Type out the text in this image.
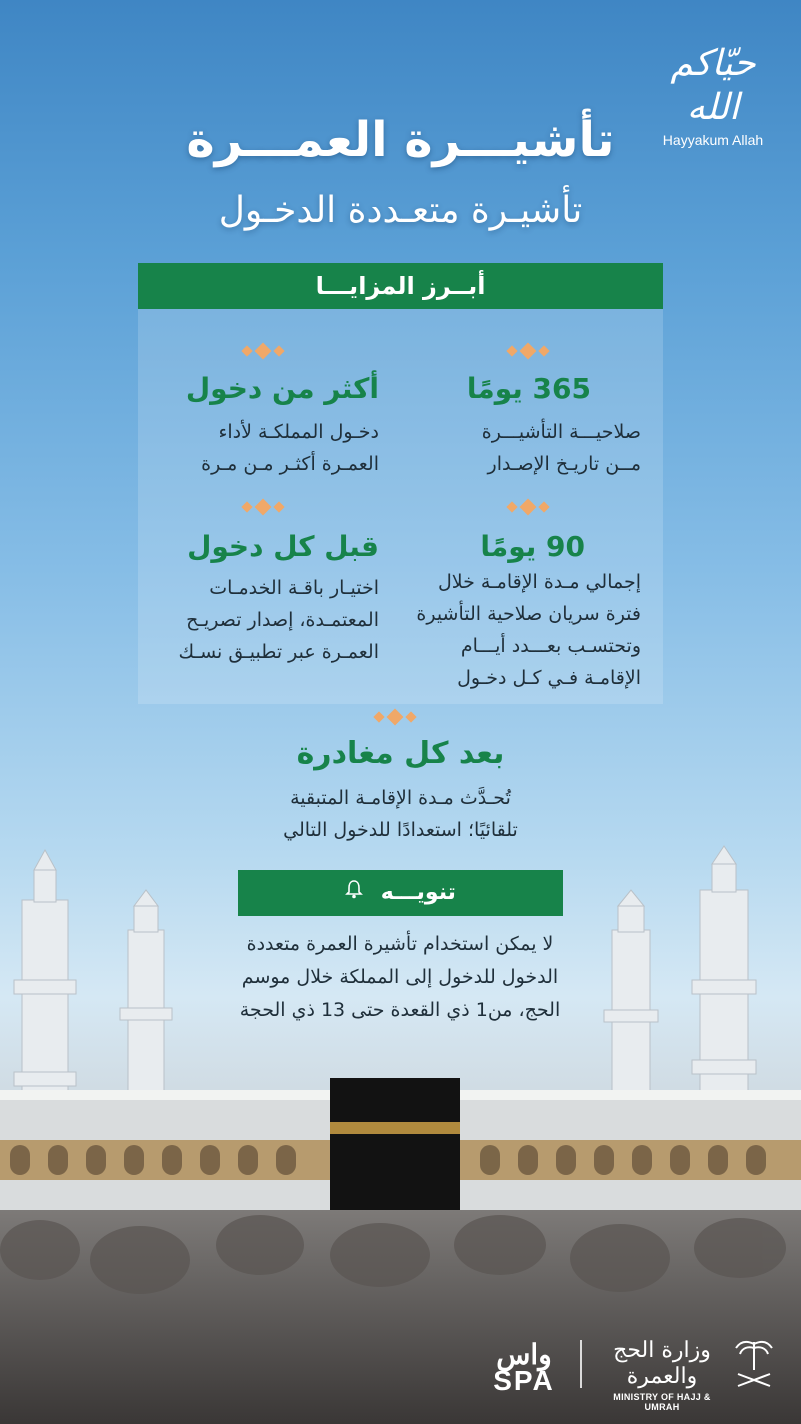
حيّاكم الله
Hayyakum Allah
تأشيـــرة العمـــرة
تأشيـرة متعـددة الدخـول
أبــرز المزايـــا
365 يومًا
صلاحيـــة التأشيـــرة
مــن تاريـخ الإصـدار
أكثر من دخول
دخـول المملكـة لأداء
العمـرة أكثـر مـن مـرة
90 يومًا
إجمالي مـدة الإقامـة خلال
فترة سريان صلاحية التأشيرة
وتحتسـب بعـــدد أيـــام
الإقامـة فـي كـل دخـول
قبل كل دخول
اختيـار باقـة الخدمـات
المعتمـدة، إصدار تصريـح
العمـرة عبر تطبيـق نسـك
بعد كل مغادرة
تُحـدَّث مـدة الإقامـة المتبقية
تلقائيًا؛ استعدادًا للدخول التالي
تنويـــه
لا يمكن استخدام تأشيرة العمرة متعددة
الدخول للدخول إلى المملكة خلال موسم
الحج، من1 ذي القعدة حتى 13 ذي الحجة
واس
SPA
وزارة الحج والعمرة
MINISTRY OF HAJJ & UMRAH
